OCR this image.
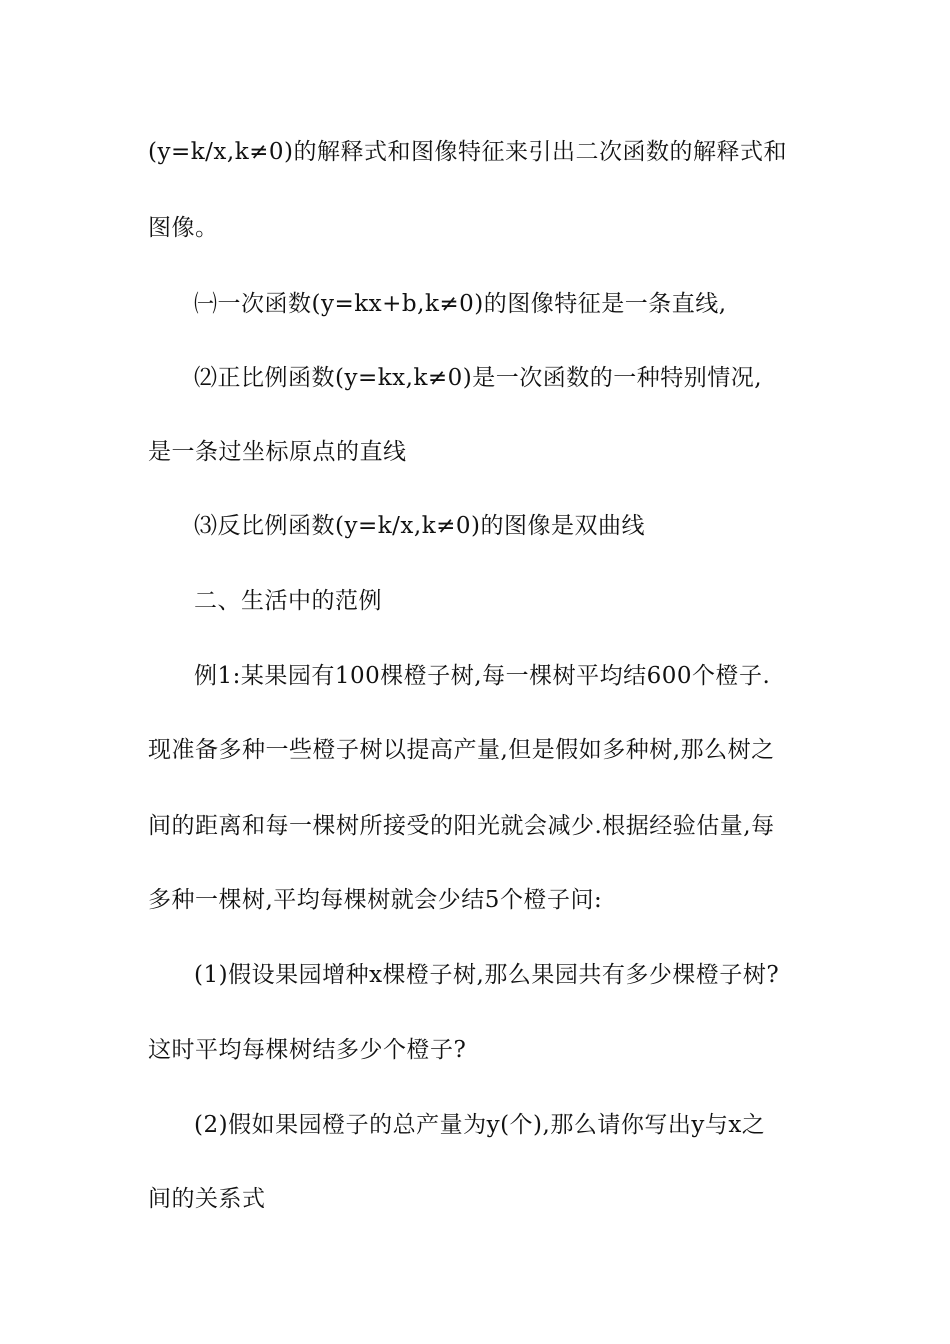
(y=k/x,k≠0)的解释式和图像特征来引出二次函数的解释式和
图像。
㈠一次函数(y=kx+b,k≠0)的图像特征是一条直线,
⑵正比例函数(y=kx,k≠0)是一次函数的一种特别情况,
是一条过坐标原点的直线
⑶反比例函数(y=k/x,k≠0)的图像是双曲线
二、生活中的范例
例1:某果园有100棵橙子树,每一棵树平均结600个橙子.
现准备多种一些橙子树以提高产量,但是假如多种树,那么树之
间的距离和每一棵树所接受的阳光就会减少.根据经验估量,每
多种一棵树,平均每棵树就会少结5个橙子问:
(1)假设果园增种x棵橙子树,那么果园共有多少棵橙子树?
这时平均每棵树结多少个橙子?
(2)假如果园橙子的总产量为y(个),那么请你写出y与x之
间的关系式
